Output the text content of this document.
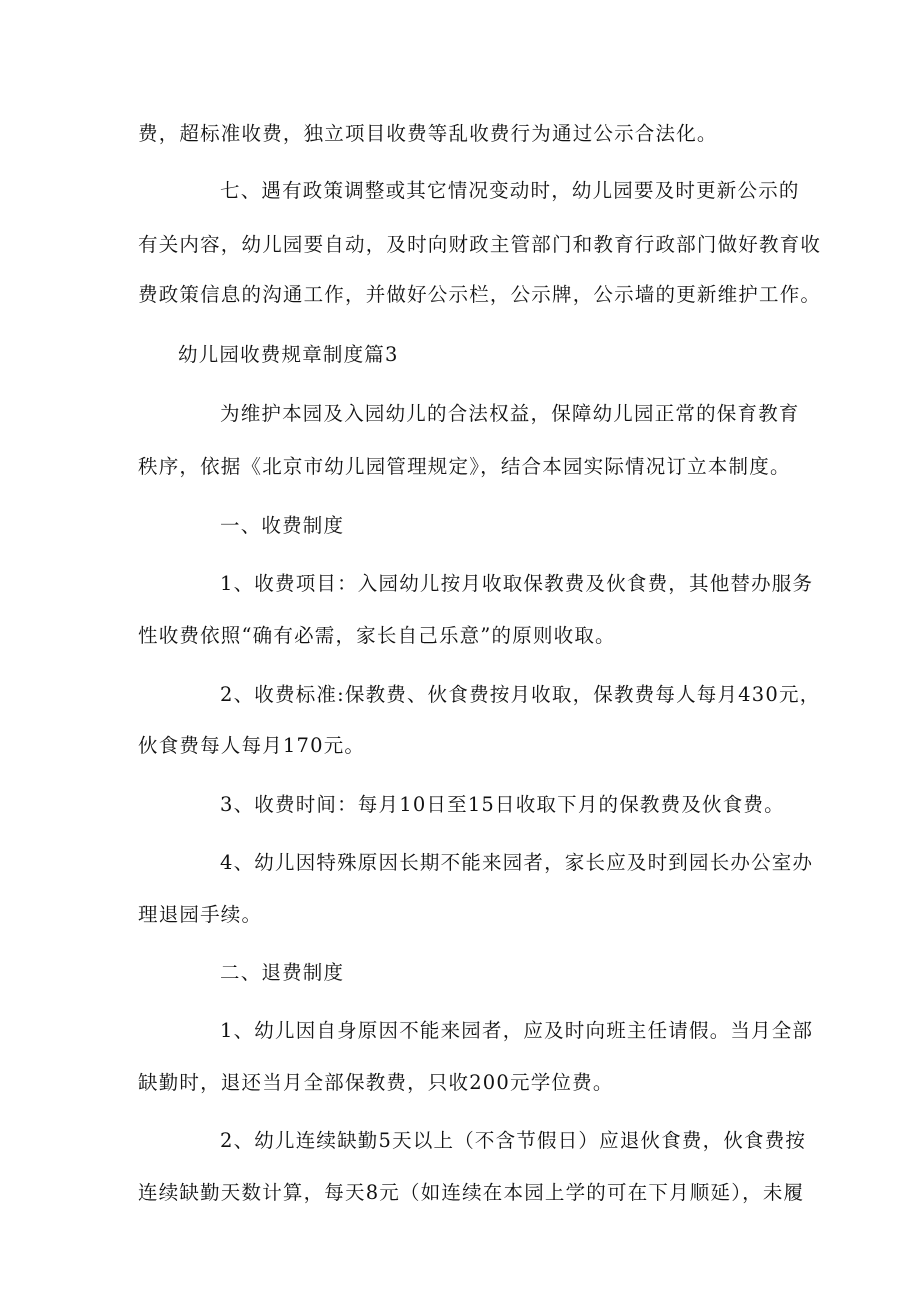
费，超标准收费，独立项目收费等乱收费行为通过公示合法化。
七、遇有政策调整或其它情况变动时，幼儿园要及时更新公示的
有关内容，幼儿园要自动，及时向财政主管部门和教育行政部门做好教育收
费政策信息的沟通工作，并做好公示栏，公示牌，公示墙的更新维护工作。
幼儿园收费规章制度篇3
为维护本园及入园幼儿的合法权益，保障幼儿园正常的保育教育
秩序，依据《北京市幼儿园管理规定》，结合本园实际情况订立本制度。
一、收费制度
1、收费项目：入园幼儿按月收取保教费及伙食费，其他替办服务
性收费依照“确有必需，家长自己乐意”的原则收取。
2、收费标准:保教费、伙食费按月收取，保教费每人每月430元，
伙食费每人每月170元。
3、收费时间：每月10日至15日收取下月的保教费及伙食费。
4、幼儿因特殊原因长期不能来园者，家长应及时到园长办公室办
理退园手续。
二、退费制度
1、幼儿因自身原因不能来园者，应及时向班主任请假。当月全部
缺勤时，退还当月全部保教费，只收200元学位费。
2、幼儿连续缺勤5天以上（不含节假日）应退伙食费，伙食费按
连续缺勤天数计算，每天8元（如连续在本园上学的可在下月顺延），未履
